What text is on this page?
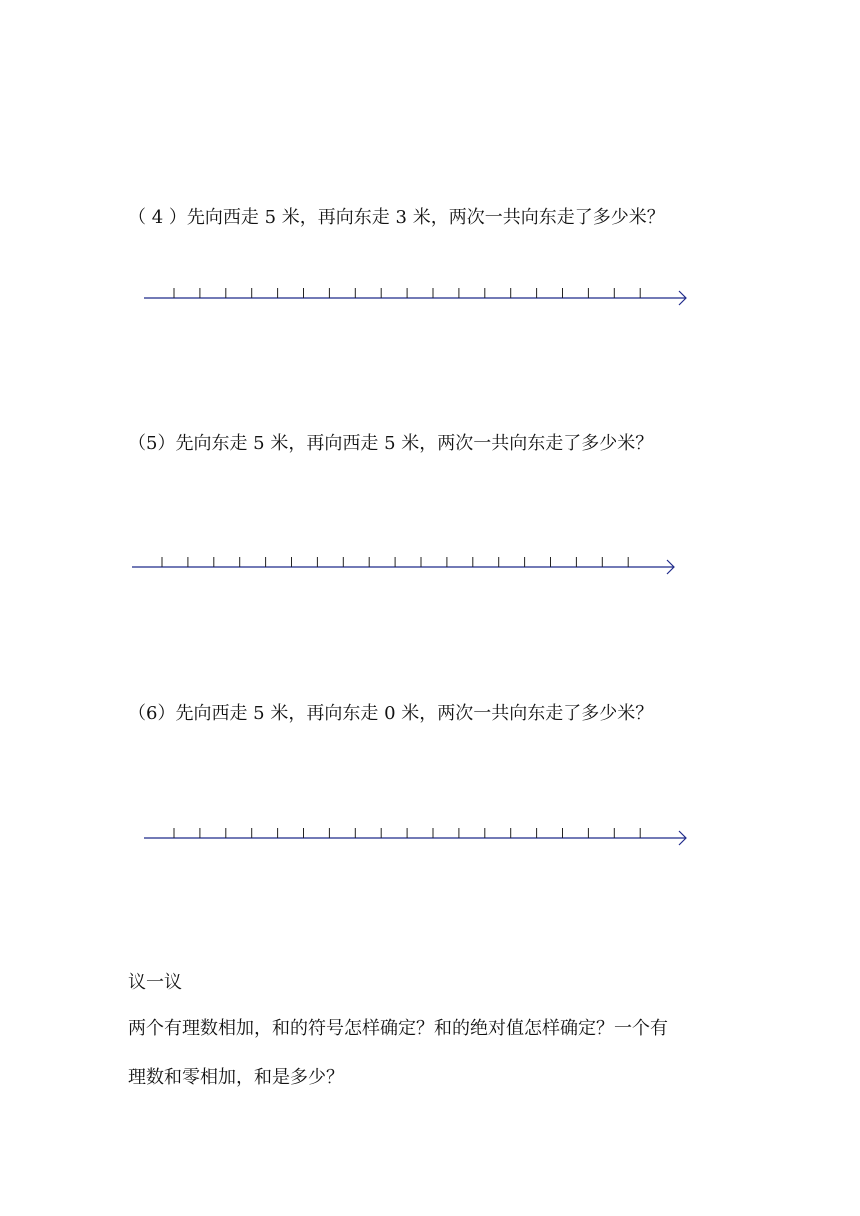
（ 4 ）先向西走 5 米，再向东走 3 米，两次一共向东走了多少米？
（5）先向东走 5 米，再向西走 5 米，两次一共向东走了多少米？
（6）先向西走 5 米，再向东走 0 米，两次一共向东走了多少米？
议一议
两个有理数相加，和的符号怎样确定？和的绝对值怎样确定？一个有
理数和零相加，和是多少？
